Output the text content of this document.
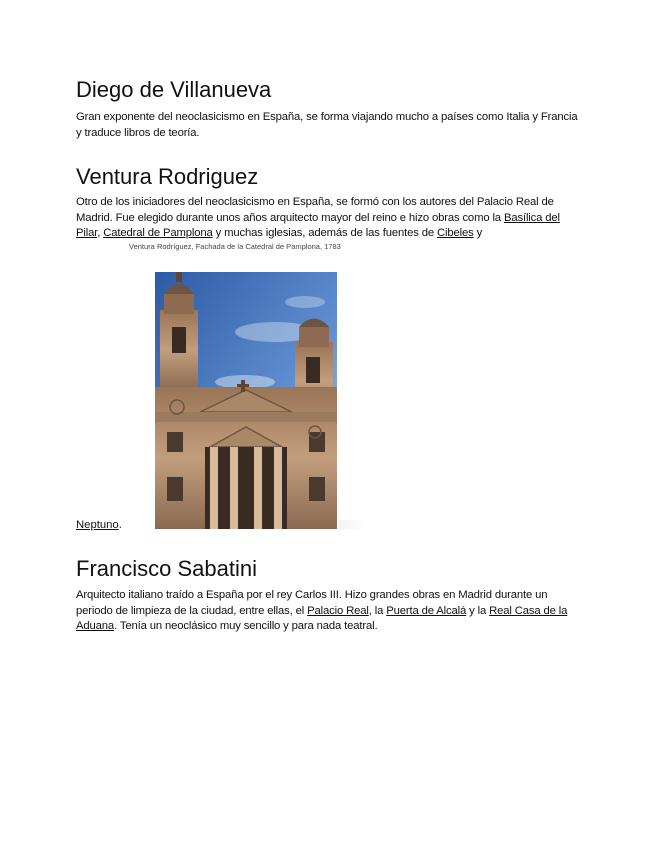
Diego de Villanueva

Gran exponente del neoclasicismo en España, se forma viajando mucho a países como Italia y Francia y traduce libros de teoría.

Ventura Rodriguez

Otro de los iniciadores del neoclasicismo en España, se formó con los autores del Palacio Real de Madrid. Fue elegido durante unos años arquitecto mayor del reino e hizo obras como la Basílica del Pilar, Catedral de Pamplona y muchas iglesias, además de las fuentes de Cibeles y

Ventura Rodríguez, Fachada de la Catedral de Pamplona, 1783
Neptuno.
Francisco Sabatini

Arquitecto italiano traído a España por el rey Carlos III. Hizo grandes obras en Madrid durante un periodo de limpieza de la ciudad, entre ellas, el Palacio Real, la Puerta de Alcalá y la Real Casa de la Aduana. Tenía un neoclásico muy sencillo y para nada teatral.
